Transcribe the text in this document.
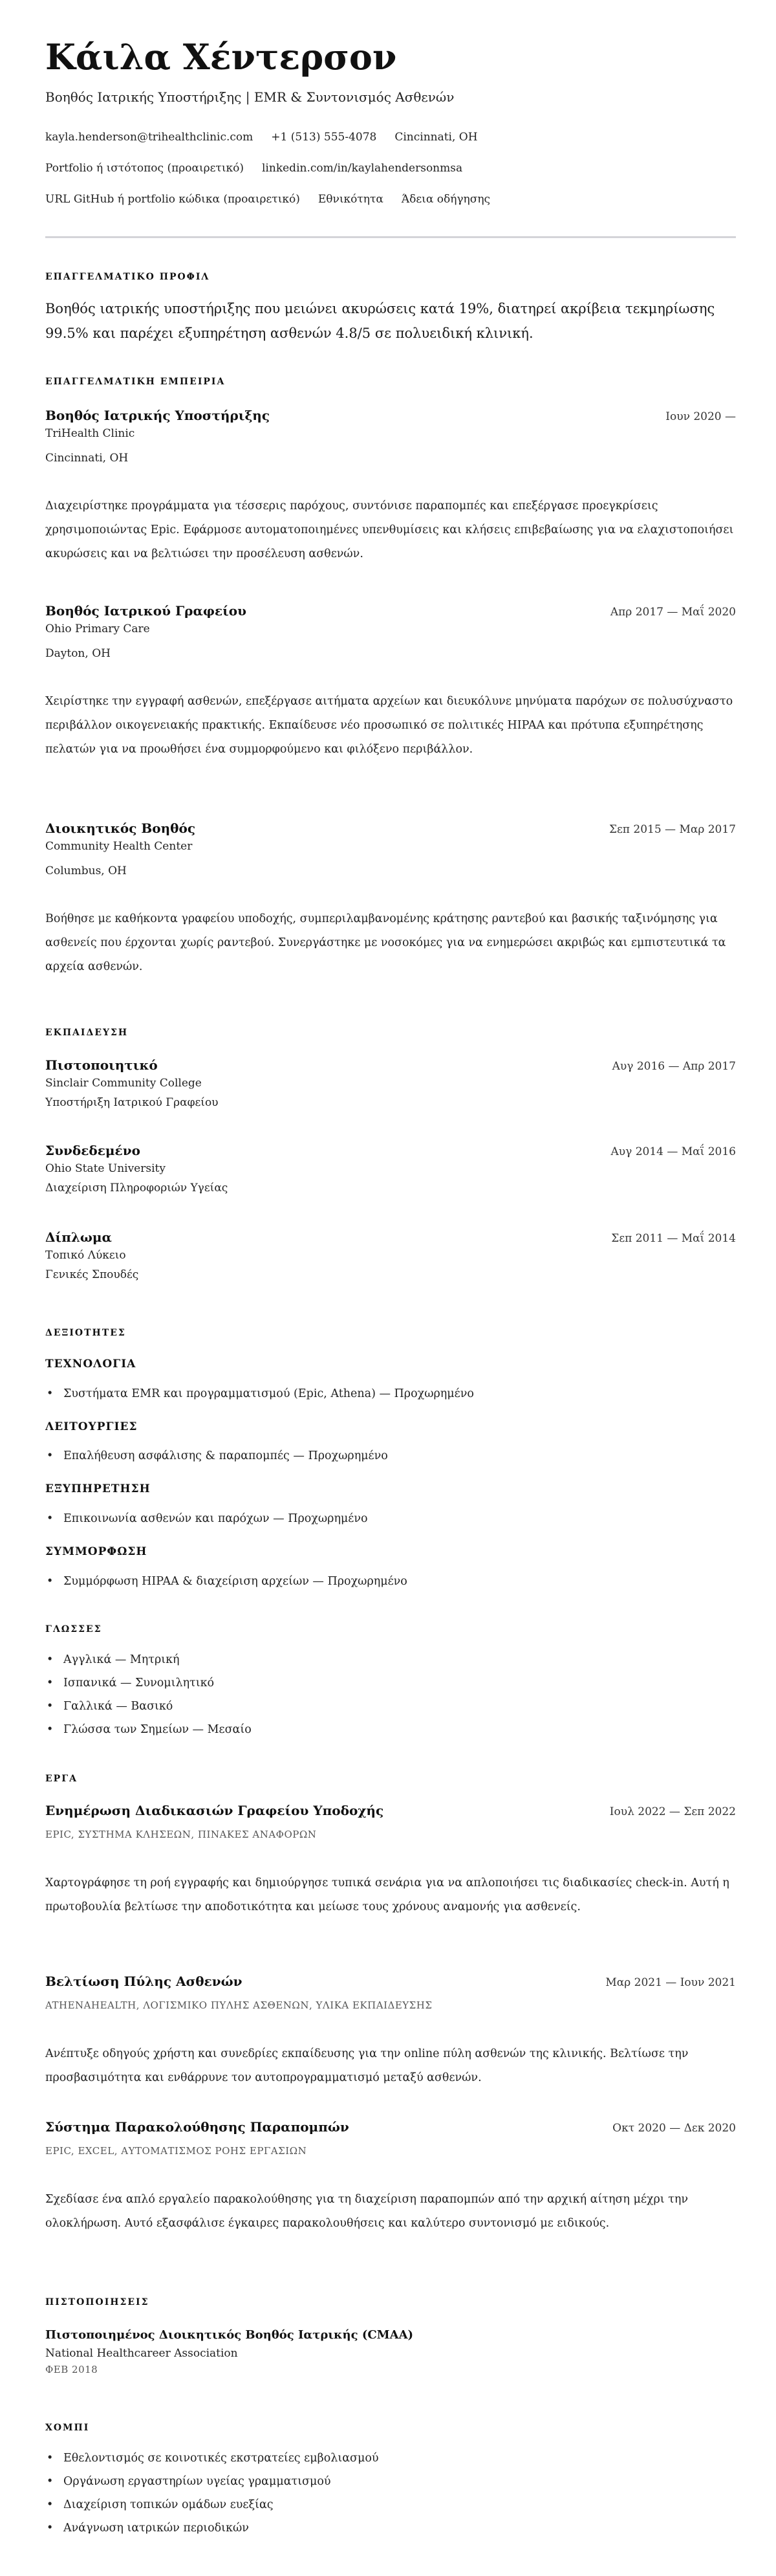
Κάιλα Χέντερσον
Βοηθός Ιατρικής Υποστήριξης | EMR & Συντονισμός Ασθενών
kayla.henderson@trihealthclinic.com +1 (513) 555-4078 Cincinnati, OH
Portfolio ή ιστότοπος (προαιρετικό) linkedin.com/in/kaylahendersonmsa
URL GitHub ή portfolio κώδικα (προαιρετικό) Εθνικότητα Άδεια οδήγησης
ΕΠΑΓΓΕΛΜΑΤΙΚΟ ΠΡΟΦΙΛ
Βοηθός ιατρικής υποστήριξης που μειώνει ακυρώσεις κατά 19%, διατηρεί ακρίβεια τεκμηρίωσης 99.5% και παρέχει εξυπηρέτηση ασθενών 4.8/5 σε πολυειδική κλινική.
ΕΠΑΓΓΕΛΜΑΤΙΚΗ ΕΜΠΕΙΡΙΑ
Βοηθός Ιατρικής Υποστήριξης	Ιουν 2020 —
TriHealth Clinic
Cincinnati, OH
Διαχειρίστηκε προγράμματα για τέσσερις παρόχους, συντόνισε παραπομπές και επεξέργασε προεγκρίσεις χρησιμοποιώντας Epic. Εφάρμοσε αυτοματοποιημένες υπενθυμίσεις και κλήσεις επιβεβαίωσης για να ελαχιστοποιήσει ακυρώσεις και να βελτιώσει την προσέλευση ασθενών.
Βοηθός Ιατρικού Γραφείου	Απρ 2017 — Μαΐ 2020
Ohio Primary Care
Dayton, OH
Χειρίστηκε την εγγραφή ασθενών, επεξέργασε αιτήματα αρχείων και διευκόλυνε μηνύματα παρόχων σε πολυσύχναστο περιβάλλον οικογενειακής πρακτικής. Εκπαίδευσε νέο προσωπικό σε πολιτικές HIPAA και πρότυπα εξυπηρέτησης πελατών για να προωθήσει ένα συμμορφούμενο και φιλόξενο περιβάλλον.
Διοικητικός Βοηθός	Σεπ 2015 — Μαρ 2017
Community Health Center
Columbus, OH
Βοήθησε με καθήκοντα γραφείου υποδοχής, συμπεριλαμβανομένης κράτησης ραντεβού και βασικής ταξινόμησης για ασθενείς που έρχονται χωρίς ραντεβού. Συνεργάστηκε με νοσοκόμες για να ενημερώσει ακριβώς και εμπιστευτικά τα αρχεία ασθενών.
ΕΚΠΑΙΔΕΥΣΗ
Πιστοποιητικό	Αυγ 2016 — Απρ 2017
Sinclair Community College
Υποστήριξη Ιατρικού Γραφείου
Συνδεδεμένο	Αυγ 2014 — Μαΐ 2016
Ohio State University
Διαχείριση Πληροφοριών Υγείας
Δίπλωμα	Σεπ 2011 — Μαΐ 2014
Τοπικό Λύκειο
Γενικές Σπουδές
ΔΕΞΙΟΤΗΤΕΣ
ΤΕΧΝΟΛΟΓΙΑ
• Συστήματα EMR και προγραμματισμού (Epic, Athena) — Προχωρημένο
ΛΕΙΤΟΥΡΓΙΕΣ
• Επαλήθευση ασφάλισης & παραπομπές — Προχωρημένο
ΕΞΥΠΗΡΕΤΗΣΗ
• Επικοινωνία ασθενών και παρόχων — Προχωρημένο
ΣΥΜΜΟΡΦΩΣΗ
• Συμμόρφωση HIPAA & διαχείριση αρχείων — Προχωρημένο
ΓΛΩΣΣΕΣ
• Αγγλικά — Μητρική
• Ισπανικά — Συνομιλητικό
• Γαλλικά — Βασικό
• Γλώσσα των Σημείων — Μεσαίο
ΕΡΓΑ
Ενημέρωση Διαδικασιών Γραφείου Υποδοχής	Ιουλ 2022 — Σεπ 2022
EPIC, ΣΥΣΤΗΜΑ ΚΛΗΣΕΩΝ, ΠΙΝΑΚΕΣ ΑΝΑΦΟΡΩΝ
Χαρτογράφησε τη ροή εγγραφής και δημιούργησε τυπικά σενάρια για να απλοποιήσει τις διαδικασίες check-in. Αυτή η πρωτοβουλία βελτίωσε την αποδοτικότητα και μείωσε τους χρόνους αναμονής για ασθενείς.
Βελτίωση Πύλης Ασθενών	Μαρ 2021 — Ιουν 2021
ATHENAHEALTH, ΛΟΓΙΣΜΙΚΟ ΠΥΛΗΣ ΑΣΘΕΝΩΝ, ΥΛΙΚΑ ΕΚΠΑΙΔΕΥΣΗΣ
Ανέπτυξε οδηγούς χρήστη και συνεδρίες εκπαίδευσης για την online πύλη ασθενών της κλινικής. Βελτίωσε την προσβασιμότητα και ενθάρρυνε τον αυτοπρογραμματισμό μεταξύ ασθενών.
Σύστημα Παρακολούθησης Παραπομπών	Οκτ 2020 — Δεκ 2020
EPIC, EXCEL, ΑΥΤΟΜΑΤΙΣΜΟΣ ΡΟΗΣ ΕΡΓΑΣΙΩΝ
Σχεδίασε ένα απλό εργαλείο παρακολούθησης για τη διαχείριση παραπομπών από την αρχική αίτηση μέχρι την ολοκλήρωση. Αυτό εξασφάλισε έγκαιρες παρακολουθήσεις και καλύτερο συντονισμό με ειδικούς.
ΠΙΣΤΟΠΟΙΗΣΕΙΣ
Πιστοποιημένος Διοικητικός Βοηθός Ιατρικής (CMAA)
National Healthcareer Association
ΦΕΒ 2018
ΧΟΜΠΙ
• Εθελοντισμός σε κοινοτικές εκστρατείες εμβολιασμού
• Οργάνωση εργαστηρίων υγείας γραμματισμού
• Διαχείριση τοπικών ομάδων ευεξίας
• Ανάγνωση ιατρικών περιοδικών
